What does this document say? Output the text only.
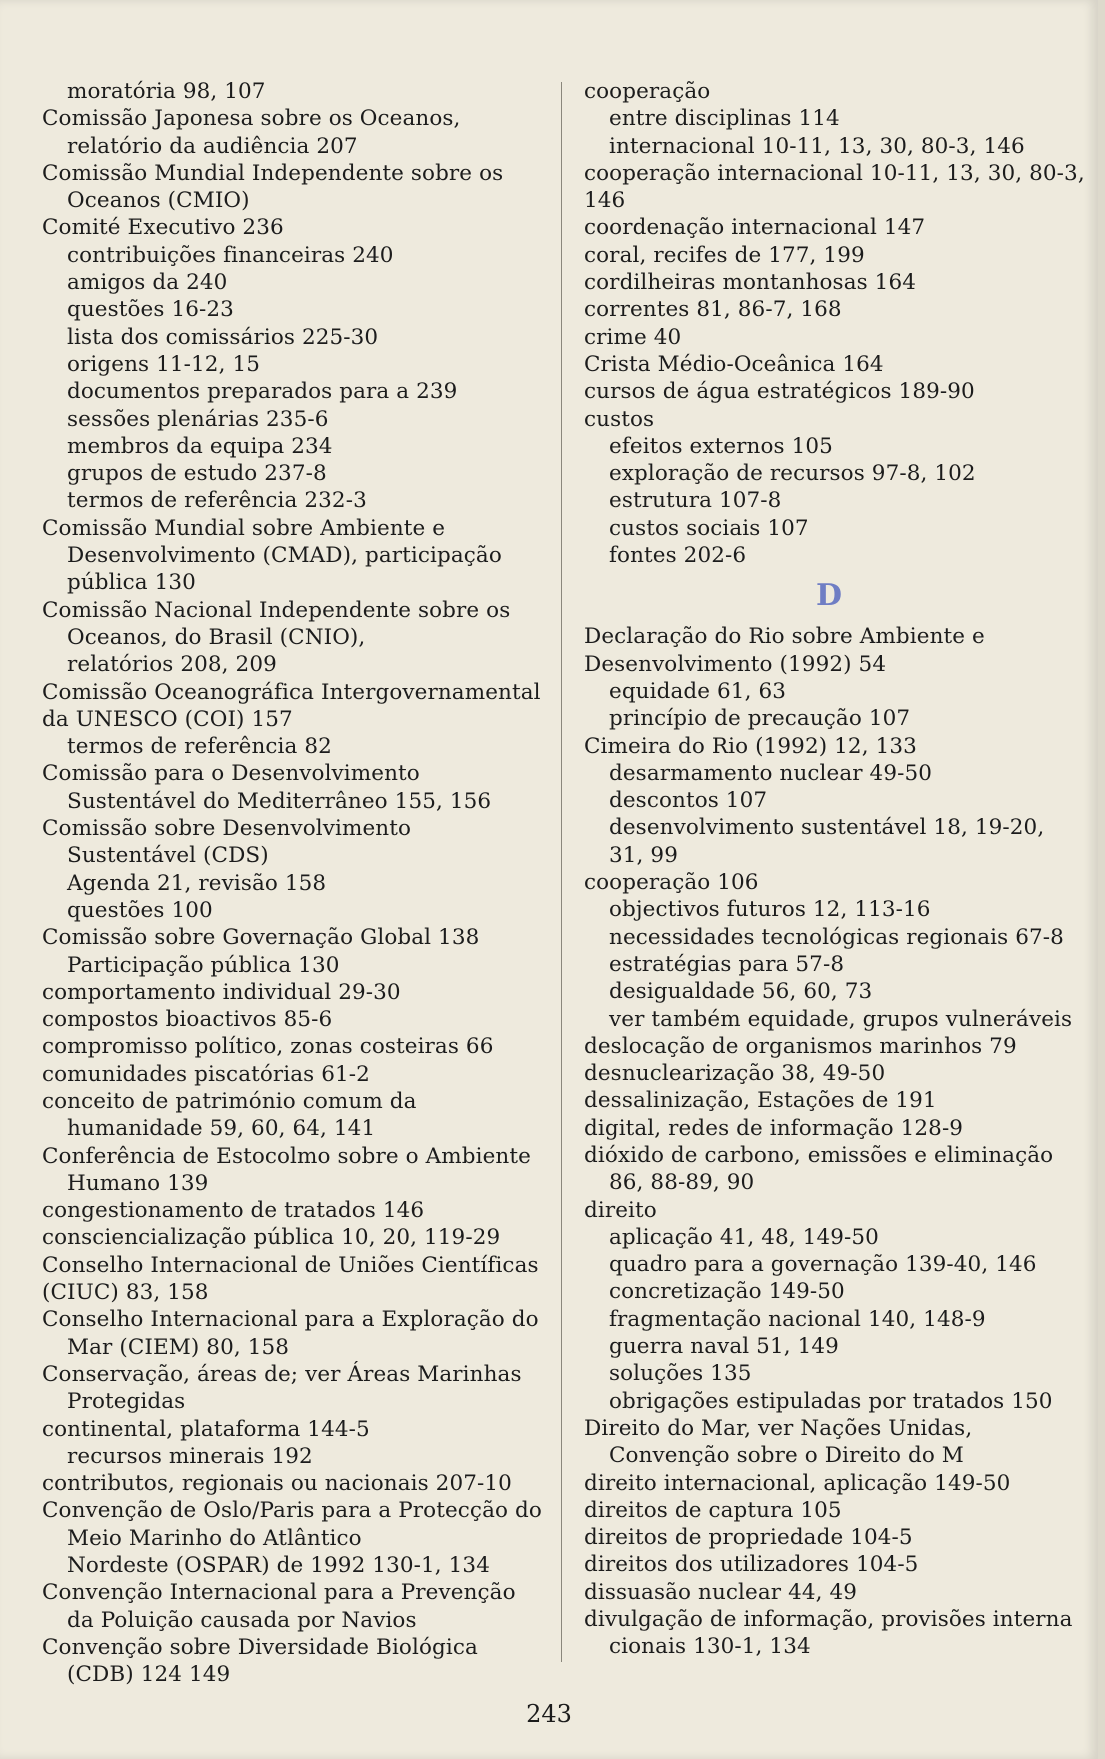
moratória 98, 107
Comissão Japonesa sobre os Oceanos,
relatório da audiência 207
Comissão Mundial Independente sobre os
Oceanos (CMIO)
Comité Executivo 236
contribuições financeiras 240
amigos da 240
questões 16-23
lista dos comissários 225-30
origens 11-12, 15
documentos preparados para a 239
sessões plenárias 235-6
membros da equipa 234
grupos de estudo 237-8
termos de referência 232-3
Comissão Mundial sobre Ambiente e
Desenvolvimento (CMAD), participação
pública 130
Comissão Nacional Independente sobre os
Oceanos, do Brasil (CNIO),
relatórios 208, 209
Comissão Oceanográfica Intergovernamental
da UNESCO (COI) 157
termos de referência 82
Comissão para o Desenvolvimento
Sustentável do Mediterrâneo 155, 156
Comissão sobre Desenvolvimento
Sustentável (CDS)
Agenda 21, revisão 158
questões 100
Comissão sobre Governação Global 138
Participação pública 130
comportamento individual 29-30
compostos bioactivos 85-6
compromisso político, zonas costeiras 66
comunidades piscatórias 61-2
conceito de património comum da
humanidade 59, 60, 64, 141
Conferência de Estocolmo sobre o Ambiente
Humano 139
congestionamento de tratados 146
consciencialização pública 10, 20, 119-29
Conselho Internacional de Uniões Científicas
(CIUC) 83, 158
Conselho Internacional para a Exploração do
Mar (CIEM) 80, 158
Conservação, áreas de; ver Áreas Marinhas
Protegidas
continental, plataforma 144-5
recursos minerais 192
contributos, regionais ou nacionais 207-10
Convenção de Oslo/Paris para a Protecção do
Meio Marinho do Atlântico
Nordeste (OSPAR) de 1992 130-1, 134
Convenção Internacional para a Prevenção
da Poluição causada por Navios
Convenção sobre Diversidade Biológica
(CDB) 124 149
cooperação
entre disciplinas 114
internacional 10-11, 13, 30, 80-3, 146
cooperação internacional 10-11, 13, 30, 80-3,
146
coordenação internacional 147
coral, recifes de 177, 199
cordilheiras montanhosas 164
correntes 81, 86-7, 168
crime 40
Crista Médio-Oceânica 164
cursos de água estratégicos 189-90
custos
efeitos externos 105
exploração de recursos 97-8, 102
estrutura 107-8
custos sociais 107
fontes 202-6
D
Declaração do Rio sobre Ambiente e
Desenvolvimento (1992) 54
equidade 61, 63
princípio de precaução 107
Cimeira do Rio (1992) 12, 133
desarmamento nuclear 49-50
descontos 107
desenvolvimento sustentável 18, 19-20,
31, 99
cooperação 106
objectivos futuros 12, 113-16
necessidades tecnológicas regionais 67-8
estratégias para 57-8
desigualdade 56, 60, 73
ver também equidade, grupos vulneráveis
deslocação de organismos marinhos 79
desnuclearização 38, 49-50
dessalinização, Estações de 191
digital, redes de informação 128-9
dióxido de carbono, emissões e eliminação
86, 88-89, 90
direito
aplicação 41, 48, 149-50
quadro para a governação 139-40, 146
concretização 149-50
fragmentação nacional 140, 148-9
guerra naval 51, 149
soluções 135
obrigações estipuladas por tratados 150
Direito do Mar, ver Nações Unidas,
Convenção sobre o Direito do M
direito internacional, aplicação 149-50
direitos de captura 105
direitos de propriedade 104-5
direitos dos utilizadores 104-5
dissuasão nuclear 44, 49
divulgação de informação, provisões interna
cionais 130-1, 134
243
